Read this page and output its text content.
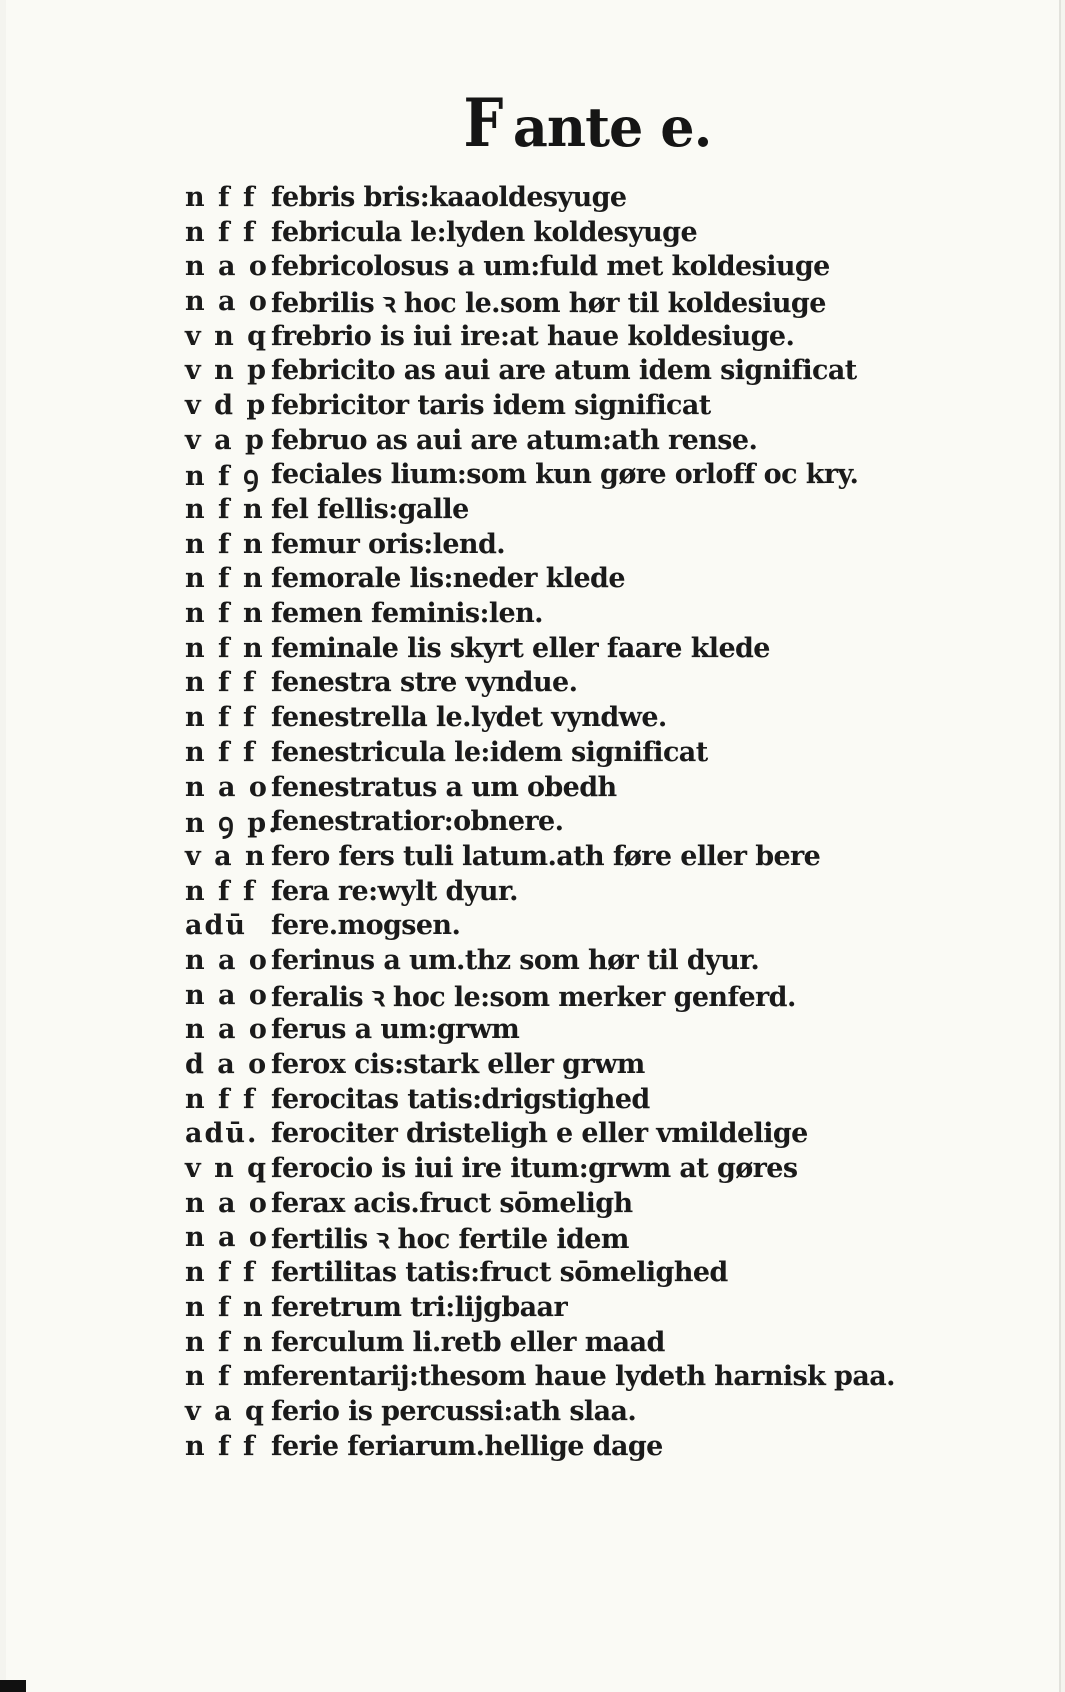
F ante e.
n f f febris bris:kaaoldesyuge
n f f febricula le:lyden koldesyuge
n a o febricolosus a um:fuld met koldesiuge
n a o febrilis ꝛ hoc le.som hør til koldesiuge
v n q frebrio is iui ire:at haue koldesiuge.
v n p febricito as aui are atum idem significat
v d p febricitor taris idem significat
v a p februo as aui are atum:ath rense.
n f ꝯ feciales lium:som kun gøre orloff oc kry.
n f n fel fellis:galle
n f n femur oris:lend.
n f n femorale lis:neder klede
n f n femen feminis:len.
n f n feminale lis skyrt eller faare klede
n f f fenestra stre vyndue.
n f f fenestrella le.lydet vyndwe.
n f f fenestricula le:idem significat
n a o fenestratus a um obedh
n ꝯ p.
fenestratior:obnere.
v a n fero fers tuli latum.ath føre eller bere
n f f fera re:wylt dyur.
adū fere.mogsen.
n a o ferinus a um.thz som hør til dyur.
n a o feralis ꝛ hoc le:som merker genferd.
n a o ferus a um:grwm
d a o ferox cis:stark eller grwm
n f f ferocitas tatis:drigstighed
adū. ferociter dristeligh e eller vmildelige
v n q ferocio is iui ire itum:grwm at gøres
n a o ferax acis.fruct sōmeligh
n a o fertilis ꝛ hoc fertile idem
n f f fertilitas tatis:fruct sōmelighed
n f n feretrum tri:lijgbaar
n f n ferculum li.retb eller maad
n f m
ferentarij:thesom haue lydeth harnisk paa.
v a q ferio is percussi:ath slaa.
n f f ferie feriarum.hellige dage
